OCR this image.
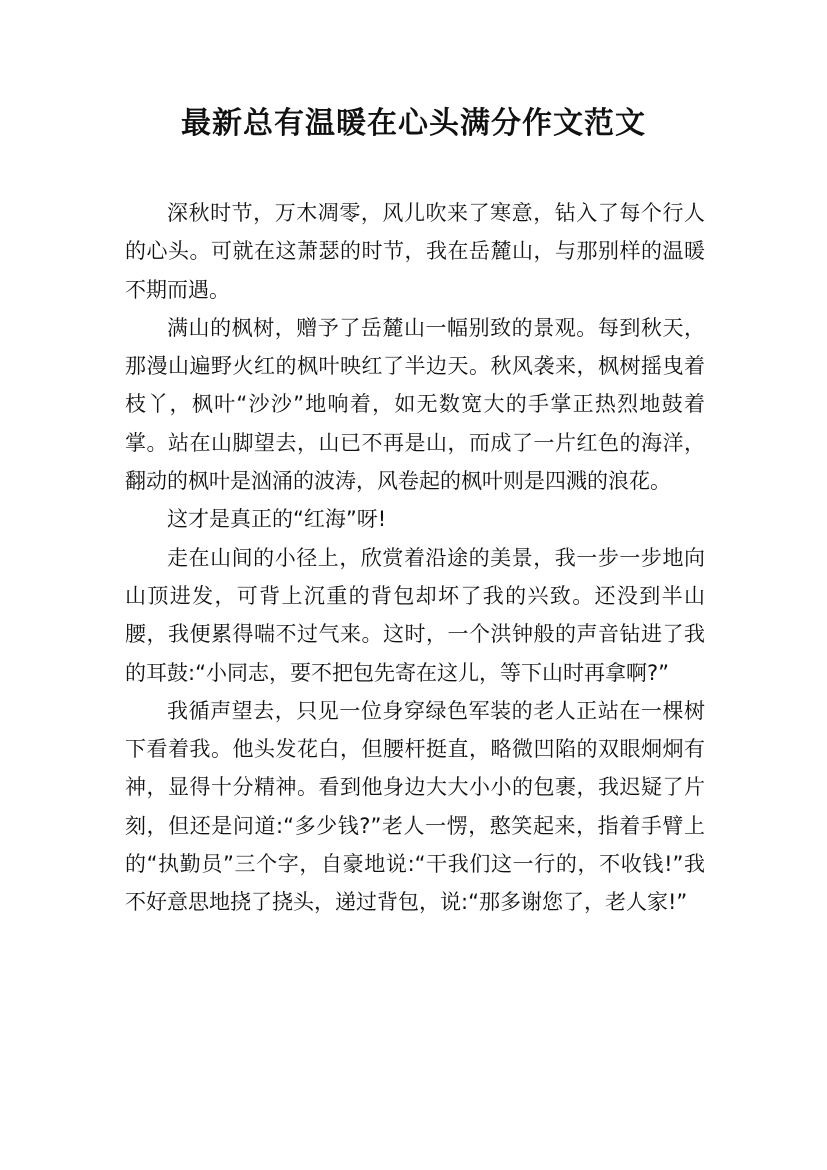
最新总有温暖在心头满分作文范文

深秋时节，万木凋零，风儿吹来了寒意，钻入了每个行人的心头。可就在这萧瑟的时节，我在岳麓山，与那别样的温暖不期而遇。

满山的枫树，赠予了岳麓山一幅别致的景观。每到秋天，那漫山遍野火红的枫叶映红了半边天。秋风袭来，枫树摇曳着枝丫，枫叶“沙沙”地响着，如无数宽大的手掌正热烈地鼓着掌。站在山脚望去，山已不再是山，而成了一片红色的海洋，翻动的枫叶是汹涌的波涛，风卷起的枫叶则是四溅的浪花。

这才是真正的“红海”呀!

走在山间的小径上，欣赏着沿途的美景，我一步一步地向山顶进发，可背上沉重的背包却坏了我的兴致。还没到半山腰，我便累得喘不过气来。这时，一个洪钟般的声音钻进了我的耳鼓:“小同志，要不把包先寄在这儿，等下山时再拿啊?”

我循声望去，只见一位身穿绿色军装的老人正站在一棵树下看着我。他头发花白，但腰杆挺直，略微凹陷的双眼炯炯有神，显得十分精神。看到他身边大大小小的包裹，我迟疑了片刻，但还是问道:“多少钱?”老人一愣，憨笑起来，指着手臂上的“执勤员”三个字，自豪地说:“干我们这一行的，不收钱!”我不好意思地挠了挠头，递过背包，说:“那多谢您了，老人家!”
